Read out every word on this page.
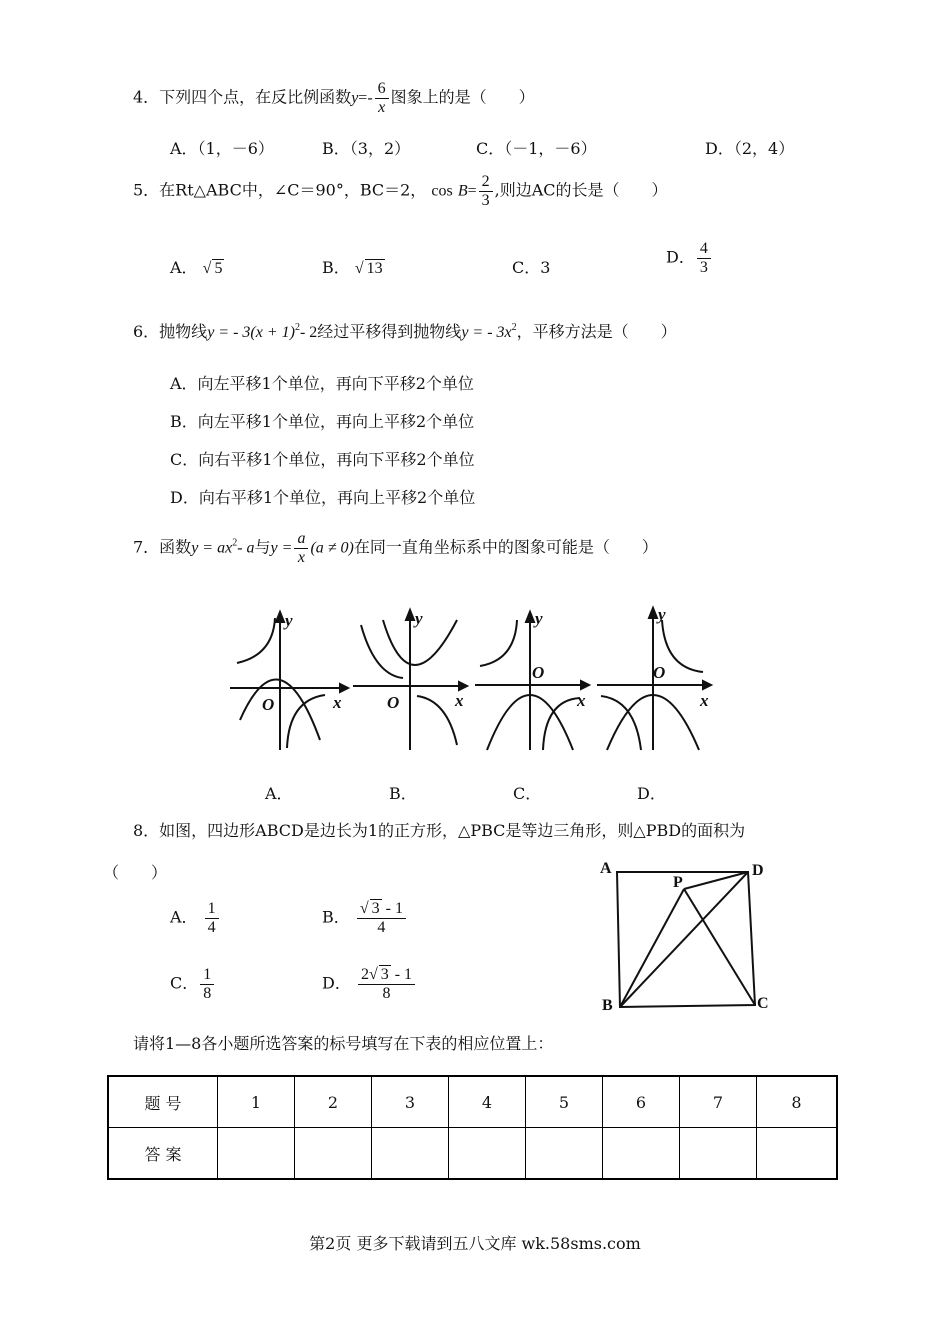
4．下列四个点，在反比例函数$y=- \frac{6}{x}$ 图象上的是（　　）
A．（1，－6）	B．（3，2）	C．（－1，－6）	D．（2，4）
5．在Rt△ABC中，∠C＝90°，BC＝2， $\cos B= \frac{2}{3}$ ,则边AC的长是（　　）
A． √ 5	B． √ 13	C．3
D． $\frac{4}{3}$
6．抛物线y = - $3(x + 1)^2-$ 2经过平移得到抛物线y = - $3x^2$，平移方法是（　　）
A．向左平移1个单位，再向下平移2个单位
B．向左平移1个单位，再向上平移2个单位
C．向右平移1个单位，再向下平移2个单位
D．向右平移1个单位，再向上平移2个单位
7．函数$y = ax^2-$ a与$y = \frac{a}{x} (a \ne 0)$在同一直角坐标系中的图象可能是（　　）
y
x
O
y
x
O
y
x
O
y
x
O
A．	B．	C．	D．
8．如图，四边形ABCD是边长为1的正方形，△PBC是等边三角形，则△PBD的面积为
（　　）
A． $\frac{1}{4}$	B． $\frac{√ 3 - 1}{4}$
C． $\frac{1}{8}$	D． $\frac{2√ 3 - 1}{8}$
A
P
D
B	C
请将1—8各小题所选答案的标号填写在下表的相应位置上：
题 号	1	2	3	4	5	6	7	8
答 案								
第2页 更多下载请到五八文库 wk.58sms.com
